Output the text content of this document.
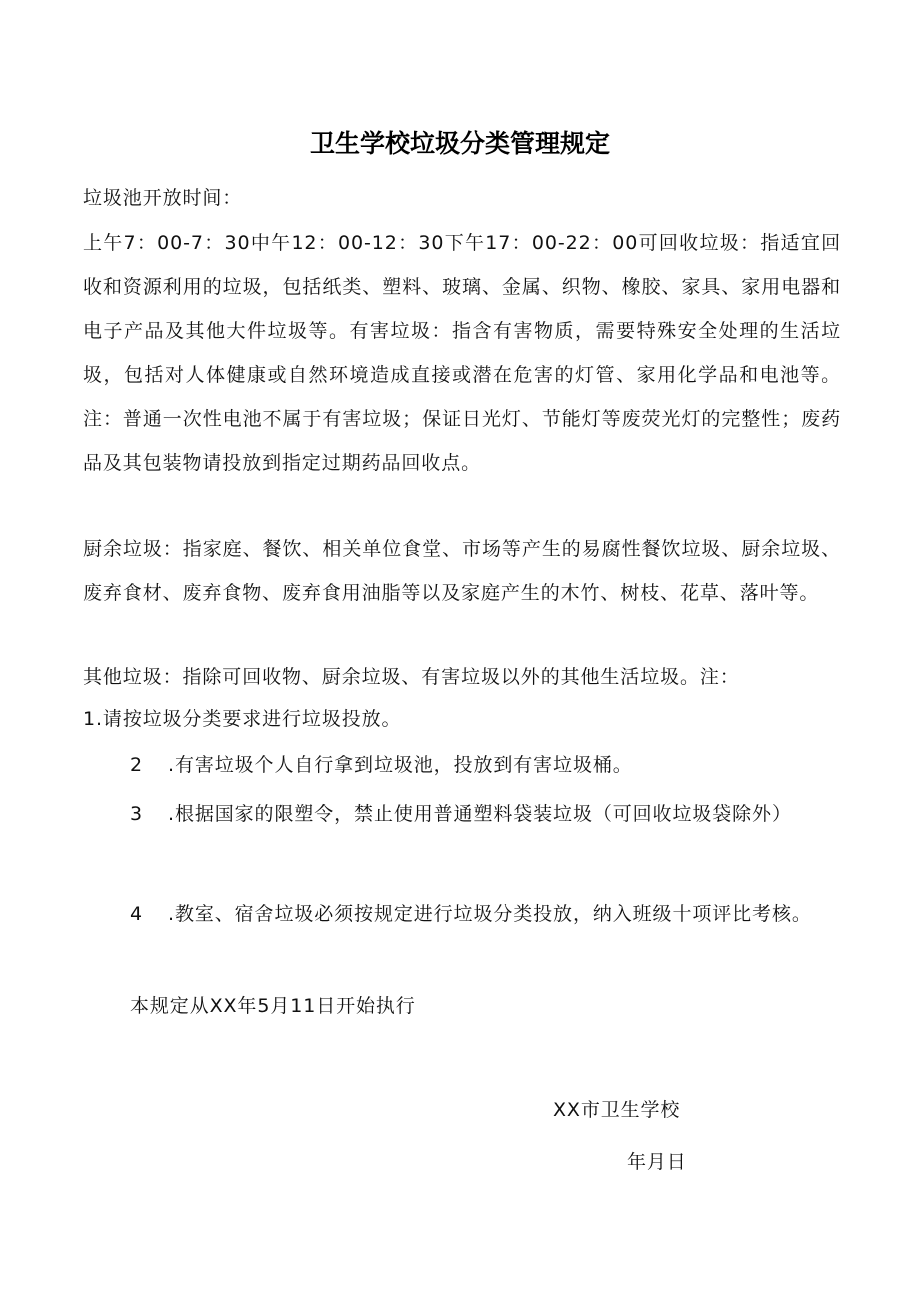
卫生学校垃圾分类管理规定

垃圾池开放时间：

上午7：00-7：30中午12：00-12：30下午17：00-22：00可回收垃圾：指适宜回收和资源利用的垃圾，包括纸类、塑料、玻璃、金属、织物、橡胶、家具、家用电器和电子产品及其他大件垃圾等。有害垃圾：指含有害物质，需要特殊安全处理的生活垃圾，包括对人体健康或自然环境造成直接或潜在危害的灯管、家用化学品和电池等。注：普通一次性电池不属于有害垃圾；保证日光灯、节能灯等废荧光灯的完整性；废药品及其包装物请投放到指定过期药品回收点。

厨余垃圾：指家庭、餐饮、相关单位食堂、市场等产生的易腐性餐饮垃圾、厨余垃圾、废弃食材、废弃食物、废弃食用油脂等以及家庭产生的木竹、树枝、花草、落叶等。

其他垃圾：指除可回收物、厨余垃圾、有害垃圾以外的其他生活垃圾。注：

1.请按垃圾分类要求进行垃圾投放。

2 .有害垃圾个人自行拿到垃圾池，投放到有害垃圾桶。

3 .根据国家的限塑令，禁止使用普通塑料袋装垃圾（可回收垃圾袋除外）

4 .教室、宿舍垃圾必须按规定进行垃圾分类投放，纳入班级十项评比考核。

本规定从XX年5月11日开始执行

XX市卫生学校
年月日
